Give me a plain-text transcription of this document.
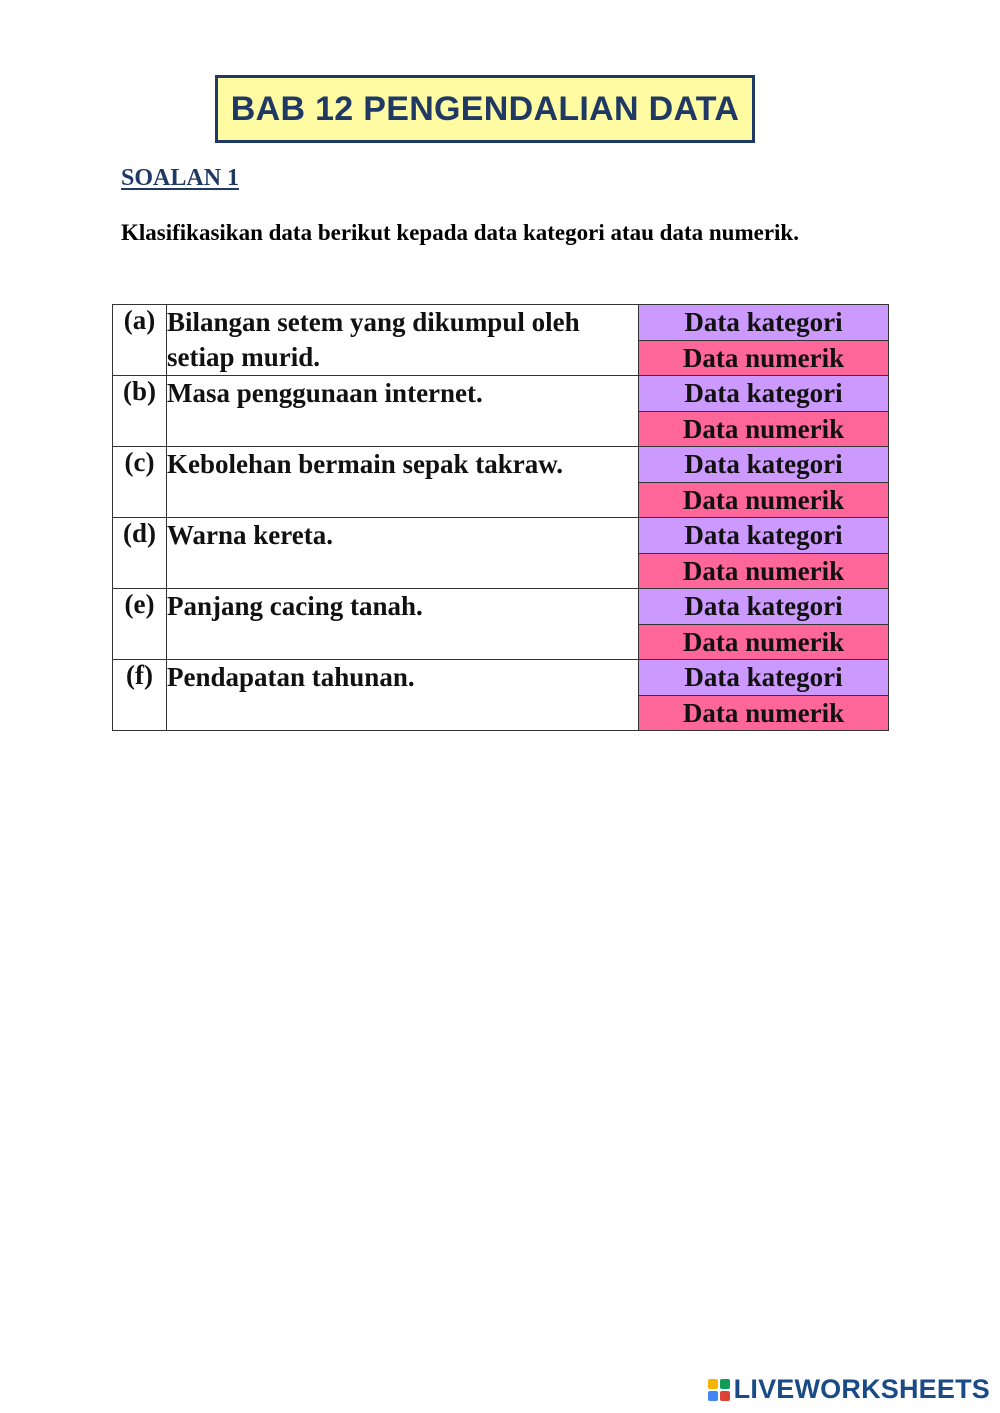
BAB 12 PENGENDALIAN DATA
SOALAN 1
Klasifikasikan data berikut kepada data kategori atau data numerik.
(a)	Bilangan setem yang dikumpul oleh setiap murid.	Data kategori
		Data numerik
(b)	Masa penggunaan internet.	Data kategori
		Data numerik
(c)	Kebolehan bermain sepak takraw.	Data kategori
		Data numerik
(d)	Warna kereta.	Data kategori
		Data numerik
(e)	Panjang cacing tanah.	Data kategori
		Data numerik
(f)	Pendapatan tahunan.	Data kategori
		Data numerik
LIVEWORKSHEETS
